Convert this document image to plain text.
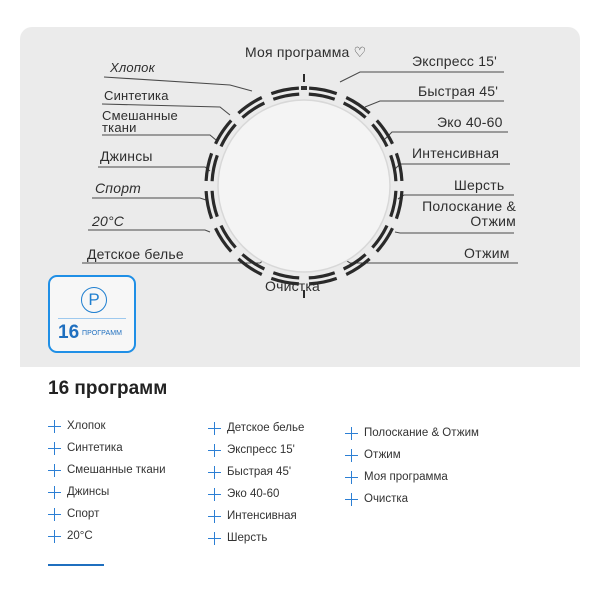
Моя программа ♡
Очистка
Хлопок
Синтетика
Смешанные ткани
Джинсы
Спорт
20°C
Детское белье
Экспресс 15'
Быстрая 45'
Эко 40-60
Интенсивная
Шерсть
Полоскание & Отжим
Отжим
P
16 ПРОГРАММ
16 программ
Хлопок
Синтетика
Смешанные ткани
Джинсы
Спорт
20°C
Детское белье
Экспресс 15'
Быстрая 45'
Эко 40-60
Интенсивная
Шерсть
Полоскание & Отжим
Отжим
Моя программа
Очистка
